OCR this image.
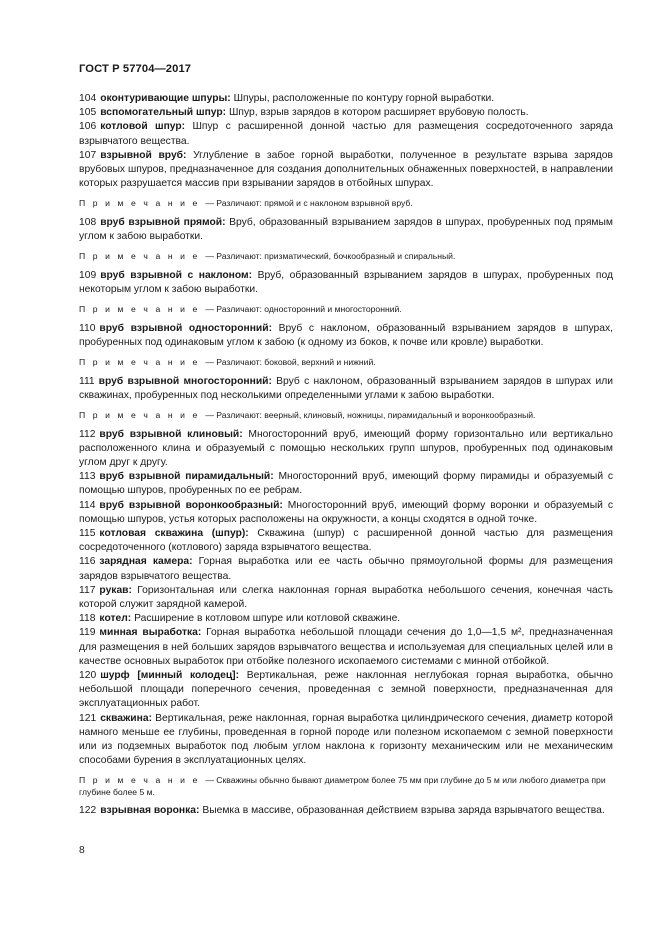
ГОСТ Р 57704—2017

104 оконтуривающие шпуры: Шпуры, расположенные по контуру горной выработки.

105 вспомогательный шпур: Шпур, взрыв зарядов в котором расширяет врубовую полость.

106 котловой шпур: Шпур с расширенной донной частью для размещения сосредоточенного заряда взрывчатого вещества.

107 взрывной вруб: Углубление в забое горной выработки, полученное в результате взрыва зарядов врубовых шпуров, предназначенное для создания дополнительных обнаженных поверхностей, в направлении которых разрушается массив при взрывании зарядов в отбойных шпурах.

П р и м е ч а н и е — Различают: прямой и с наклоном взрывной вруб.

108 вруб взрывной прямой: Вруб, образованный взрыванием зарядов в шпурах, пробуренных под прямым углом к забою выработки.

П р и м е ч а н и е — Различают: призматический, бочкообразный и спиральный.

109 вруб взрывной с наклоном: Вруб, образованный взрыванием зарядов в шпурах, пробуренных под некоторым углом к забою выработки.

П р и м е ч а н и е — Различают: односторонний и многосторонний.

110 вруб взрывной односторонний: Вруб с наклоном, образованный взрыванием зарядов в шпурах, пробуренных под одинаковым углом к забою (к одному из боков, к почве или кровле) выработки.

П р и м е ч а н и е — Различают: боковой, верхний и нижний.

111 вруб взрывной многосторонний: Вруб с наклоном, образованный взрыванием зарядов в шпурах или скважинах, пробуренных под несколькими определенными углами к забою выработки.

П р и м е ч а н и е — Различают: веерный, клиновый, ножницы, пирамидальный и воронкообразный.

112 вруб взрывной клиновый: Многосторонний вруб, имеющий форму горизонтально или вертикально расположенного клина и образуемый с помощью нескольких групп шпуров, пробуренных под одинаковым углом друг к другу.

113 вруб взрывной пирамидальный: Многосторонний вруб, имеющий форму пирамиды и образуемый с помощью шпуров, пробуренных по ее ребрам.

114 вруб взрывной воронкообразный: Многосторонний вруб, имеющий форму воронки и образуемый с помощью шпуров, устья которых расположены на окружности, а концы сходятся в одной точке.

115 котловая скважина (шпур): Скважина (шпур) с расширенной донной частью для размещения сосредоточенного (котлового) заряда взрывчатого вещества.

116 зарядная камера: Горная выработка или ее часть обычно прямоугольной формы для размещения зарядов взрывчатого вещества.

117 рукав: Горизонтальная или слегка наклонная горная выработка небольшого сечения, конечная часть которой служит зарядной камерой.

118 котел: Расширение в котловом шпуре или котловой скважине.

119 минная выработка: Горная выработка небольшой площади сечения до 1,0—1,5 м², предназначенная для размещения в ней больших зарядов взрывчатого вещества и используемая для специальных целей или в качестве основных выработок при отбойке полезного ископаемого системами с минной отбойкой.

120 шурф [минный колодец]: Вертикальная, реже наклонная неглубокая горная выработка, обычно небольшой площади поперечного сечения, проведенная с земной поверхности, предназначенная для эксплуатационных работ.

121 скважина: Вертикальная, реже наклонная, горная выработка цилиндрического сечения, диаметр которой намного меньше ее глубины, проведенная в горной породе или полезном ископаемом с земной поверхности или из подземных выработок под любым углом наклона к горизонту механическим или не механическим способами бурения в эксплуатационных целях.

П р и м е ч а н и е — Скважины обычно бывают диаметром более 75 мм при глубине до 5 м или любого диаметра при глубине более 5 м.

122 взрывная воронка: Выемка в массиве, образованная действием взрыва заряда взрывчатого вещества.

8
